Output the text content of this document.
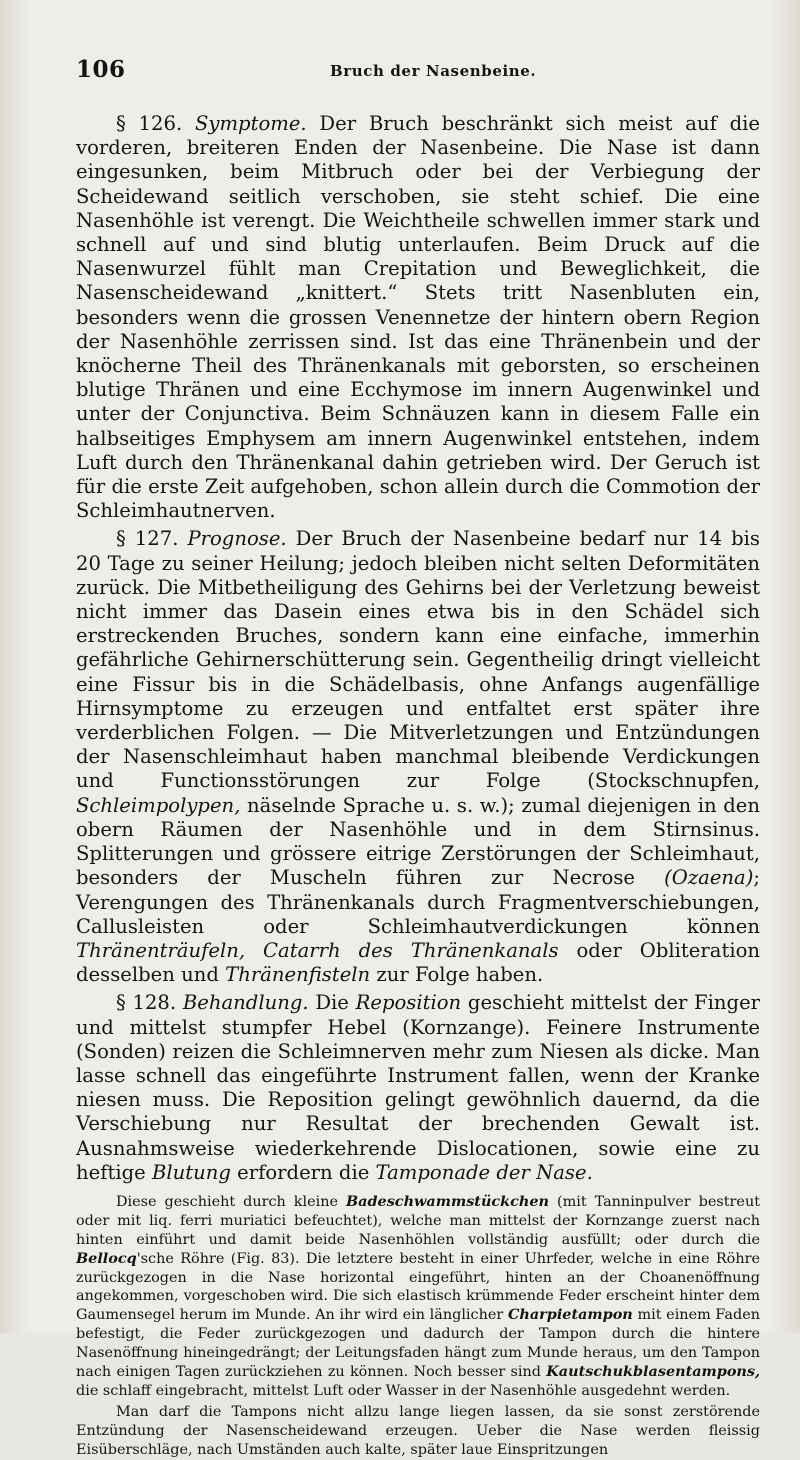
106	Bruch der Nasenbeine.

§ 126. Symptome. Der Bruch beschränkt sich meist auf die vorderen, breiteren Enden der Nasenbeine. Die Nase ist dann eingesunken, beim Mitbruch oder bei der Verbiegung der Scheidewand seitlich verschoben, sie steht schief. Die eine Nasenhöhle ist verengt. Die Weichtheile schwellen immer stark und schnell auf und sind blutig unterlaufen. Beim Druck auf die Nasenwurzel fühlt man Crepitation und Beweglichkeit, die Nasenscheidewand „knittert.“ Stets tritt Nasenbluten ein, besonders wenn die grossen Venennetze der hintern obern Region der Nasenhöhle zerrissen sind. Ist das eine Thränenbein und der knöcherne Theil des Thränenkanals mit geborsten, so erscheinen blutige Thränen und eine Ecchymose im innern Augenwinkel und unter der Conjunctiva. Beim Schnäuzen kann in diesem Falle ein halbseitiges Emphysem am innern Augenwinkel entstehen, indem Luft durch den Thränenkanal dahin getrieben wird. Der Geruch ist für die erste Zeit aufgehoben, schon allein durch die Commotion der Schleimhautnerven.

§ 127. Prognose. Der Bruch der Nasenbeine bedarf nur 14 bis 20 Tage zu seiner Heilung; jedoch bleiben nicht selten Deformitäten zurück. Die Mitbetheiligung des Gehirns bei der Verletzung beweist nicht immer das Dasein eines etwa bis in den Schädel sich erstreckenden Bruches, sondern kann eine einfache, immerhin gefährliche Gehirnerschütterung sein. Gegentheilig dringt vielleicht eine Fissur bis in die Schädelbasis, ohne Anfangs augenfällige Hirnsymptome zu erzeugen und entfaltet erst später ihre verderblichen Folgen. — Die Mitverletzungen und Entzündungen der Nasenschleimhaut haben manchmal bleibende Verdickungen und Functionsstörungen zur Folge (Stockschnupfen, Schleimpolypen, näselnde Sprache u. s. w.); zumal diejenigen in den obern Räumen der Nasenhöhle und in dem Stirnsinus. Splitterungen und grössere eitrige Zerstörungen der Schleimhaut, besonders der Muscheln führen zur Necrose (Ozaena); Verengungen des Thränenkanals durch Fragmentverschiebungen, Callusleisten oder Schleimhautverdickungen können Thränenträufeln, Catarrh des Thränenkanals oder Obliteration desselben und Thränenfisteln zur Folge haben.

§ 128. Behandlung. Die Reposition geschieht mittelst der Finger und mittelst stumpfer Hebel (Kornzange). Feinere Instrumente (Sonden) reizen die Schleimnerven mehr zum Niesen als dicke. Man lasse schnell das eingeführte Instrument fallen, wenn der Kranke niesen muss. Die Reposition gelingt gewöhnlich dauernd, da die Verschiebung nur Resultat der brechenden Gewalt ist. Ausnahmsweise wiederkehrende Dislocationen, sowie eine zu heftige Blutung erfordern die Tamponade der Nase.

Diese geschieht durch kleine Badeschwammstückchen (mit Tanninpulver bestreut oder mit liq. ferri muriatici befeuchtet), welche man mittelst der Kornzange zuerst nach hinten einführt und damit beide Nasenhöhlen vollständig ausfüllt; oder durch die Bellocq'sche Röhre (Fig. 83). Die letztere besteht in einer Uhrfeder, welche in eine Röhre zurückgezogen in die Nase horizontal eingeführt, hinten an der Choanenöffnung angekommen, vorgeschoben wird. Die sich elastisch krümmende Feder erscheint hinter dem Gaumensegel herum im Munde. An ihr wird ein länglicher Charpietampon mit einem Faden befestigt, die Feder zurückgezogen und dadurch der Tampon durch die hintere Nasenöffnung hineingedrängt; der Leitungsfaden hängt zum Munde heraus, um den Tampon nach einigen Tagen zurückziehen zu können. Noch besser sind Kautschukblasentampons, die schlaff eingebracht, mittelst Luft oder Wasser in der Nasenhöhle ausgedehnt werden.

Man darf die Tampons nicht allzu lange liegen lassen, da sie sonst zerstörende Entzündung der Nasenscheidewand erzeugen. Ueber die Nase werden fleissig Eisüberschläge, nach Umständen auch kalte, später laue Einspritzungen
